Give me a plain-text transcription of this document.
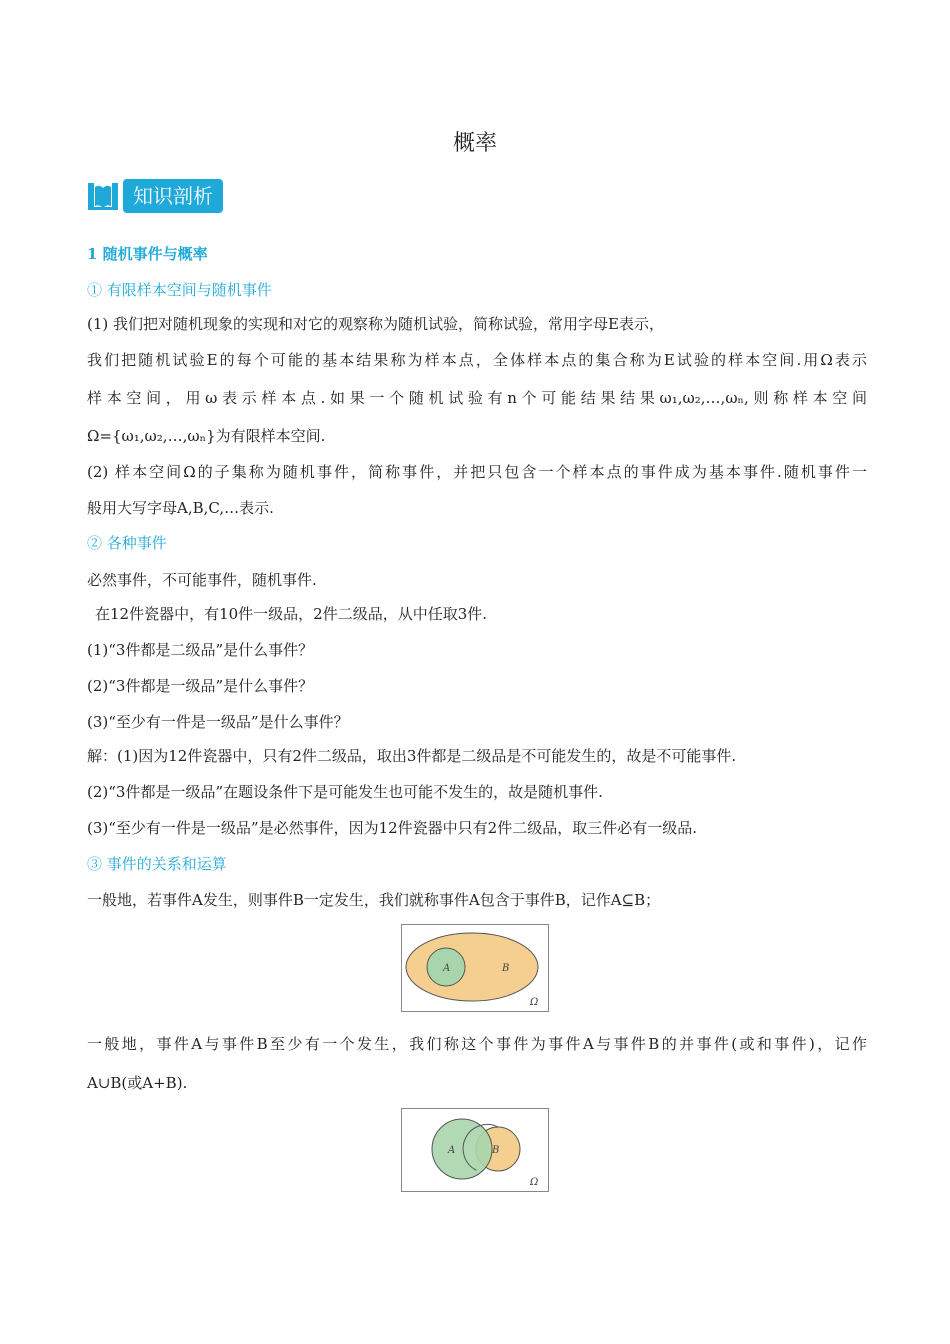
概率
知识剖析
1 随机事件与概率
① 有限样本空间与随机事件
(1) 我们把对随机现象的实现和对它的观察称为随机试验，简称试验，常用字母E表示，
我们把随机试验E的每个可能的基本结果称为样本点，全体样本点的集合称为E试验的样本空间.用Ω表示
样本空间，用ω表示样本点.如果一个随机试验有n个可能结果结果ω₁,ω₂,…,ωₙ,则称样本空间
Ω={ω₁,ω₂,…,ωₙ}为有限样本空间.
(2) 样本空间Ω的子集称为随机事件，简称事件，并把只包含一个样本点的事件成为基本事件.随机事件一
般用大写字母A,B,C,…表示.
② 各种事件
必然事件，不可能事件，随机事件.
在12件瓷器中，有10件一级品，2件二级品，从中任取3件.
(1)“3件都是二级品”是什么事件？
(2)“3件都是一级品”是什么事件？
(3)“至少有一件是一级品”是什么事件？
解：(1)因为12件瓷器中，只有2件二级品，取出3件都是二级品是不可能发生的，故是不可能事件.
(2)“3件都是一级品”在题设条件下是可能发生也可能不发生的，故是随机事件.
(3)“至少有一件是一级品”是必然事件，因为12件瓷器中只有2件二级品，取三件必有一级品.
③ 事件的关系和运算
一般地，若事件A发生，则事件B一定发生，我们就称事件A包含于事件B，记作A⊆B；
A	B
Ω
一般地，事件A与事件B至少有一个发生，我们称这个事件为事件A与事件B的并事件(或和事件)，记作
A∪B(或A+B).
A	B
Ω
